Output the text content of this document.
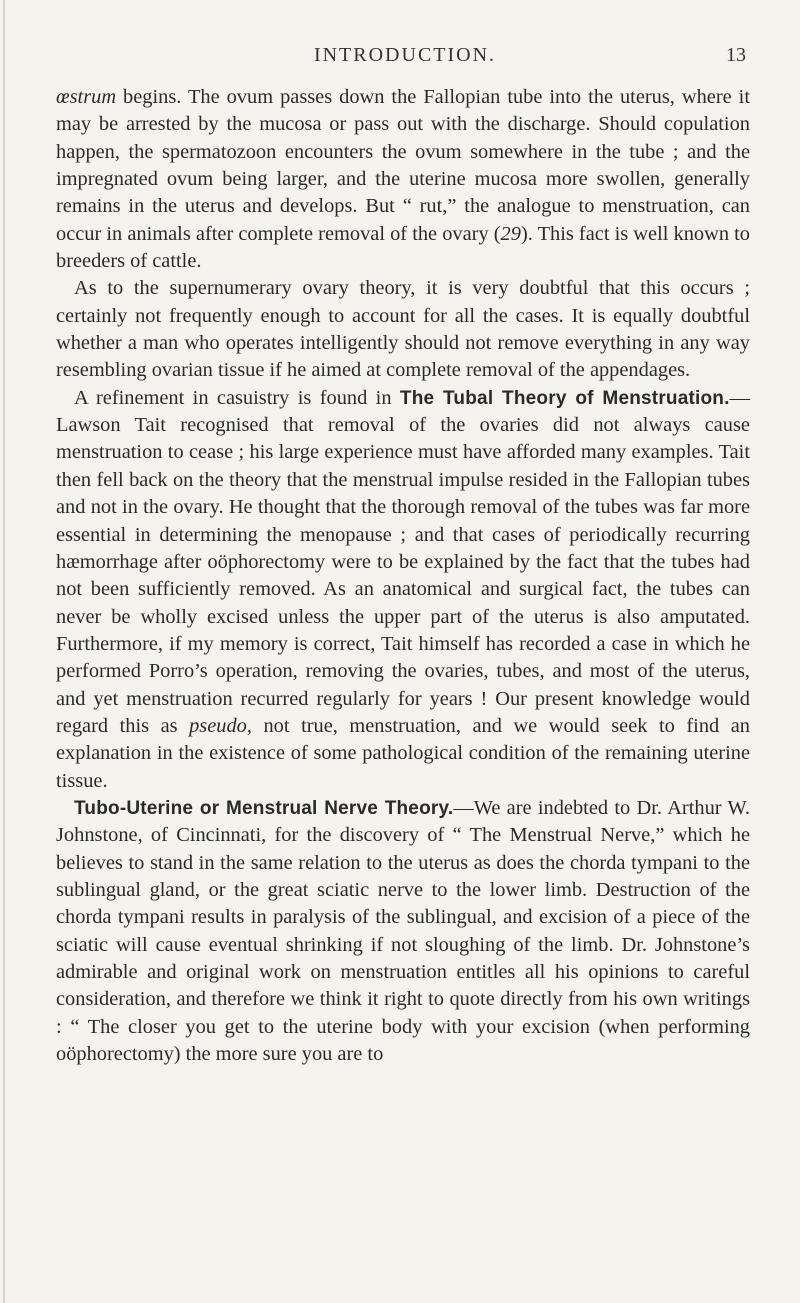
INTRODUCTION.	13

œstrum begins. The ovum passes down the Fallopian tube into the uterus, where it may be arrested by the mucosa or pass out with the discharge. Should copulation happen, the spermatozoon encounters the ovum somewhere in the tube ; and the impregnated ovum being larger, and the uterine mucosa more swollen, generally remains in the uterus and develops. But “ rut,” the analogue to menstruation, can occur in animals after complete removal of the ovary (29). This fact is well known to breeders of cattle.

As to the supernumerary ovary theory, it is very doubtful that this occurs ; certainly not frequently enough to account for all the cases. It is equally doubtful whether a man who operates intelligently should not remove everything in any way resembling ovarian tissue if he aimed at complete removal of the appendages.

A refinement in casuistry is found in The Tubal Theory of Menstruation.—Lawson Tait recognised that removal of the ovaries did not always cause menstruation to cease ; his large experience must have afforded many examples. Tait then fell back on the theory that the menstrual impulse resided in the Fallopian tubes and not in the ovary. He thought that the thorough removal of the tubes was far more essential in determining the menopause ; and that cases of periodically recurring hæmorrhage after oöphorectomy were to be explained by the fact that the tubes had not been sufficiently removed. As an anatomical and surgical fact, the tubes can never be wholly excised unless the upper part of the uterus is also amputated. Furthermore, if my memory is correct, Tait himself has recorded a case in which he performed Porro’s operation, removing the ovaries, tubes, and most of the uterus, and yet menstruation recurred regularly for years ! Our present knowledge would regard this as pseudo, not true, menstruation, and we would seek to find an explanation in the existence of some pathological condition of the remaining uterine tissue.

Tubo-Uterine or Menstrual Nerve Theory.—We are indebted to Dr. Arthur W. Johnstone, of Cincinnati, for the discovery of “ The Menstrual Nerve,” which he believes to stand in the same relation to the uterus as does the chorda tympani to the sublingual gland, or the great sciatic nerve to the lower limb. Destruction of the chorda tympani results in paralysis of the sublingual, and excision of a piece of the sciatic will cause eventual shrinking if not sloughing of the limb. Dr. Johnstone’s admirable and original work on menstruation entitles all his opinions to careful consideration, and therefore we think it right to quote directly from his own writings : “ The closer you get to the uterine body with your excision (when performing oöphorectomy) the more sure you are to
